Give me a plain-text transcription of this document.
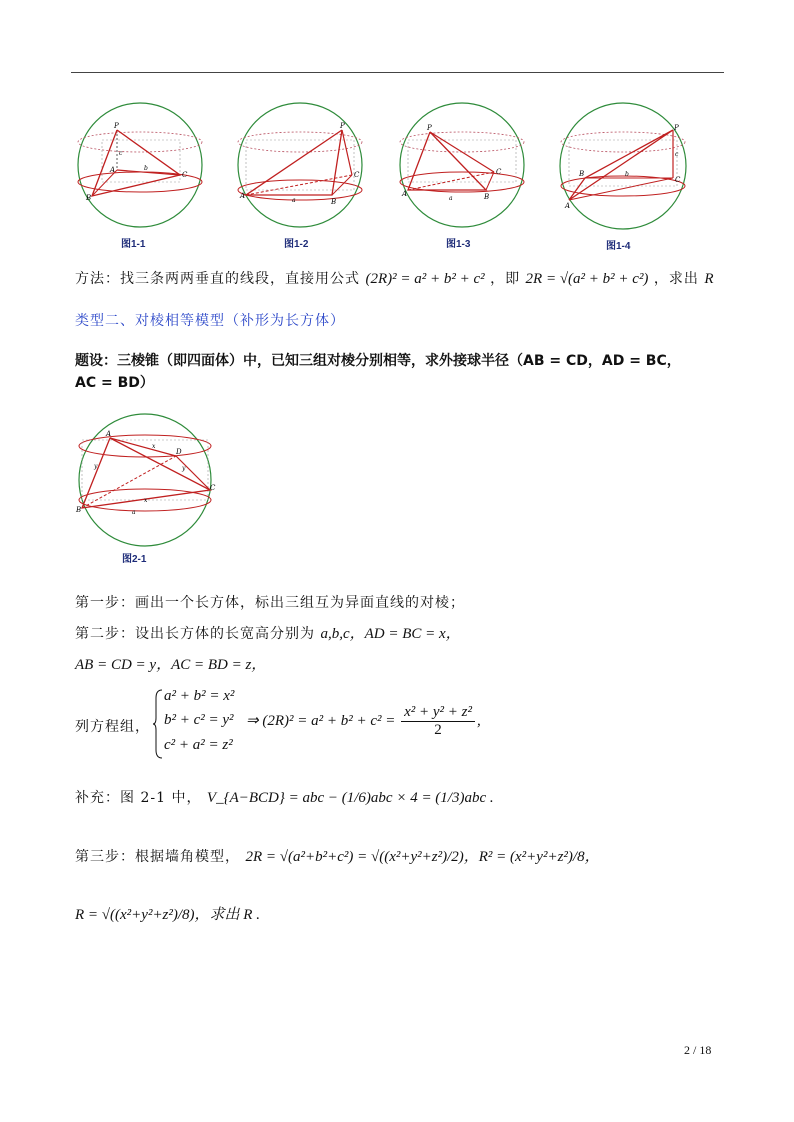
P
A
C
B
c
b
图1-1
P
A
C
B
a
图1-2
P
A
C
B
a
图1-3
P
A
C
B	b
c
图1-4
方法：找三条两两垂直的线段，直接用公式 (2R)² = a² + b² + c² ，即 2R = √(a² + b² + c²) ，求出 R
类型二、对棱相等模型（补形为长方体）
题设：三棱锥（即四面体）中，已知三组对棱分别相等，求外接球半径（AB = CD，AD = BC，
AC = BD）
A
D
C
B
x
y	y
x
a
图2-1
第一步：画出一个长方体，标出三组互为异面直线的对棱；
第二步：设出长方体的长宽高分别为 a,b,c，AD = BC = x，
AB = CD = y，AC = BD = z，
列方程组，
a² + b² = x²
b² + c² = y²
c² + a² = z²
⇒ $(2R)^2 = a^2 + b^2 + c^2 = \frac{\text{x² + y² + z²}}{2}$ ,
补充：图 2-1 中， V_{A−BCD} = abc − (1/6)abc × 4 = (1/3)abc .
第三步：根据墙角模型， 2R = √(a²+b²+c²) = √((x²+y²+z²)/2)，R² = (x²+y²+z²)/8，
R = √((x²+y²+z²)/8)，求出 R .
2 / 18
